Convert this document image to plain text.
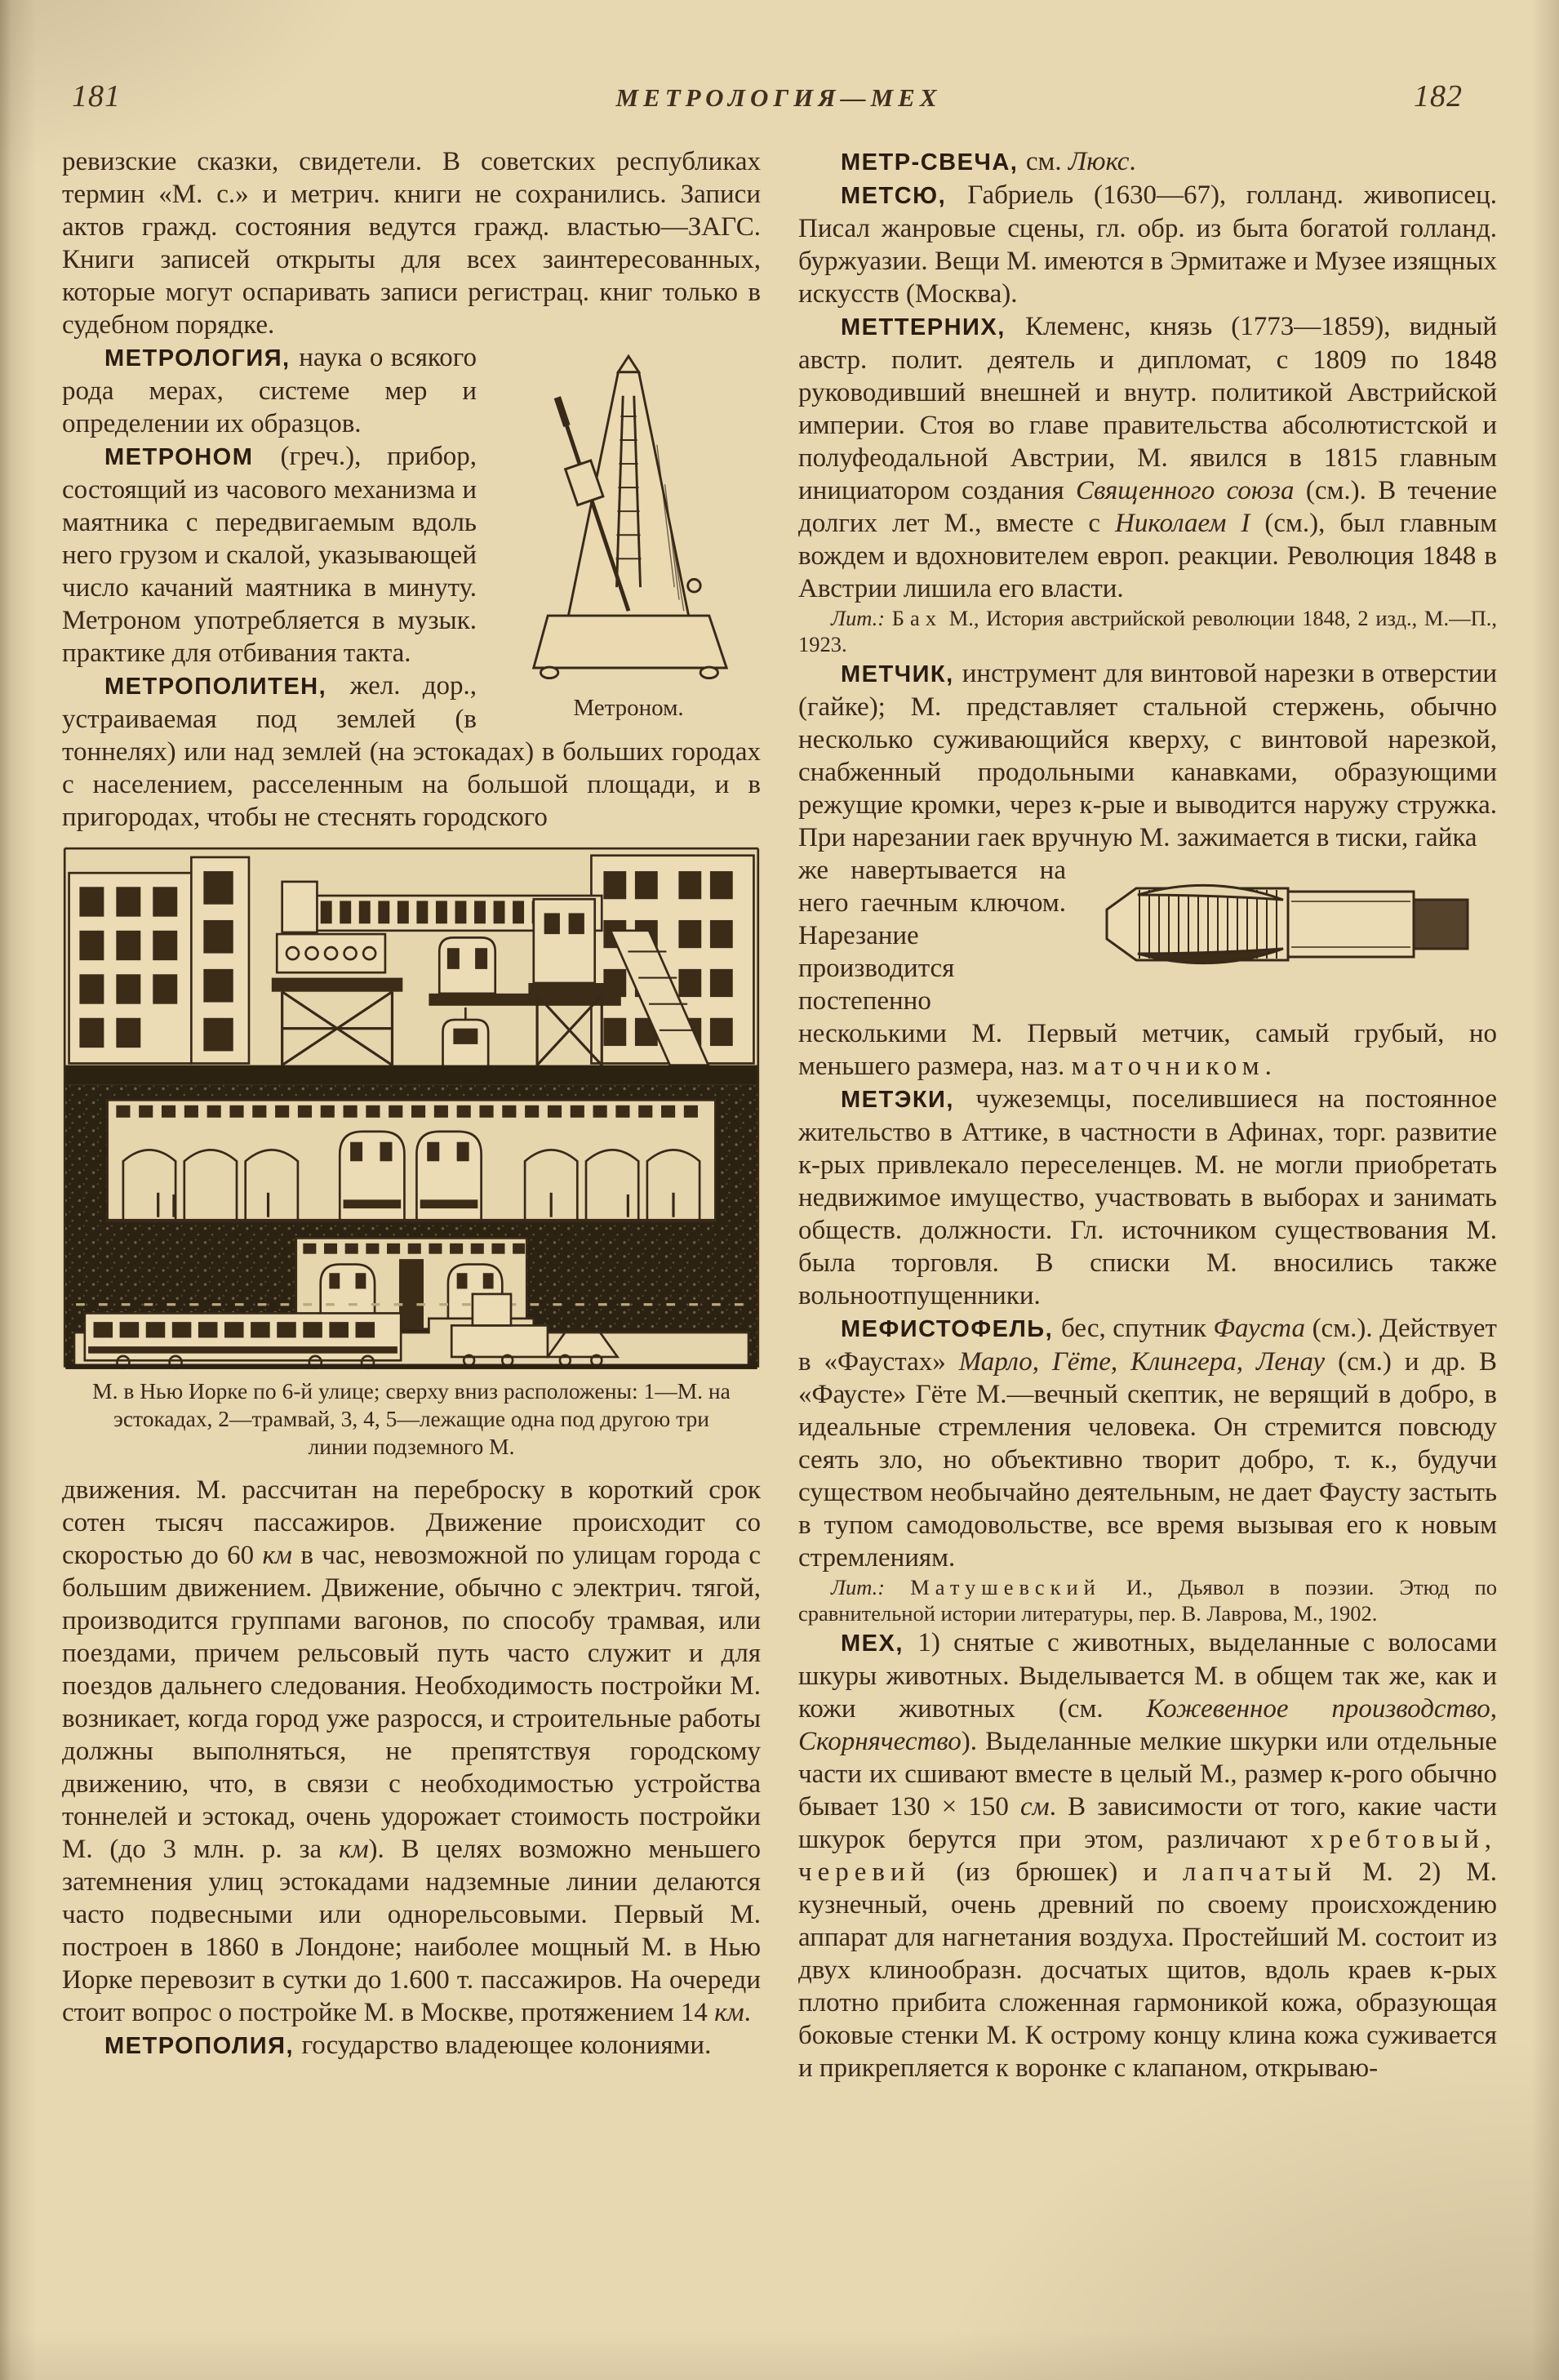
181	МЕТРОЛОГИЯ—МЕХ	182

ревизские сказки, свидетели. В советских республиках термин «М. с.» и метрич. книги не сохранились. Записи актов гражд. состояния ведутся гражд. властью—ЗАГС. Книги записей открыты для всех заинтересованных, которые могут оспаривать записи регистрац. книг только в судебном порядке.

Метроном.

МЕТРОЛОГИЯ, наука о всякого рода мерах, системе мер и определении их образцов.

МЕТРОНОМ (греч.), прибор, состоящий из часового механизма и маятника с передвигаемым вдоль него грузом и скалой, указывающей число качаний маятника в минуту. Метроном употребляется в музык. практике для отбивания такта.

МЕТРОПОЛИТЕН, жел. дор., устраиваемая под землей (в тоннелях) или над землей (на эстокадах) в больших городах с населением, расселенным на большой площади, и в пригородах, чтобы не стеснять городского

М. в Нью Иорке по 6-й улице; сверху вниз расположены: 1—М. на эстокадах, 2—трамвай, 3, 4, 5—лежащие одна под другою три линии подземного М.

движения. М. рассчитан на переброску в короткий срок сотен тысяч пассажиров. Движение происходит со скоростью до 60 км в час, невозможной по улицам города с большим движением. Движение, обычно с электрич. тягой, производится группами вагонов, по способу трамвая, или поездами, причем рельсовый путь часто служит и для поездов дальнего следования. Необходимость постройки М. возникает, когда город уже разросся, и строительные работы должны выполняться, не препятствуя городскому движению, что, в связи с необходимостью устройства тоннелей и эстокад, очень удорожает стоимость постройки М. (до 3 млн. р. за км). В целях возможно меньшего затемнения улиц эстокадами надземные линии делаются часто подвесными или однорельсовыми. Первый М. построен в 1860 в Лондоне; наиболее мощный М. в Нью Иорке перевозит в сутки до 1.600 т. пассажиров. На очереди стоит вопрос о постройке М. в Москве, протяжением 14 км.

МЕТРОПОЛИЯ, государство владеющее колониями.

МЕТР-СВЕЧА, см. Люкс.

МЕТСЮ, Габриель (1630—67), голланд. живописец. Писал жанровые сцены, гл. обр. из быта богатой голланд. буржуазии. Вещи М. имеются в Эрмитаже и Музее изящных искусств (Москва).

МЕТТЕРНИХ, Клеменс, князь (1773—1859), видный австр. полит. деятель и дипломат, с 1809 по 1848 руководивший внешней и внутр. политикой Австрийской империи. Стоя во главе правительства абсолютистской и полуфеодальной Австрии, М. явился в 1815 главным инициатором создания Священного союза (см.). В течение долгих лет М., вместе с Николаем I (см.), был главным вождем и вдохновителем европ. реакции. Революция 1848 в Австрии лишила его власти.

Лит.: Бах М., История австрийской революции 1848, 2 изд., М.—П., 1923.

МЕТЧИК, инструмент для винтовой нарезки в отверстии (гайке); М. представляет стальной стержень, обычно несколько суживающийся кверху, с винтовой нарезкой, снабженный продольными канавками, образующими режущие кромки, через к-рые и выводится наружу стружка. При нарезании гаек вручную М. зажимается в тиски, гайка

же навертывается на него гаечным ключом. Нарезание производится постепенно несколькими М. Первый метчик, самый грубый, но меньшего размера, наз. маточником.

МЕТЭКИ, чужеземцы, поселившиеся на постоянное жительство в Аттике, в частности в Афинах, торг. развитие к-рых привлекало переселенцев. М. не могли приобретать недвижимое имущество, участвовать в выборах и занимать обществ. должности. Гл. источником существования М. была торговля. В списки М. вносились также вольноотпущенники.

МЕФИСТОФЕЛЬ, бес, спутник Фауста (см.). Действует в «Фаустах» Марло, Гёте, Клингера, Ленау (см.) и др. В «Фаусте» Гёте М.—вечный скептик, не верящий в добро, в идеальные стремления человека. Он стремится повсюду сеять зло, но объективно творит добро, т. к., будучи существом необычайно деятельным, не дает Фаусту застыть в тупом самодовольстве, все время вызывая его к новым стремлениям.

Лит.: Матушевский И., Дьявол в поэзии. Этюд по сравнительной истории литературы, пер. В. Лаврова, М., 1902.

МЕХ, 1) снятые с животных, выделанные с волосами шкуры животных. Выделывается М. в общем так же, как и кожи животных (см. Кожевенное производство, Скорнячество). Выделанные мелкие шкурки или отдельные части их сшивают вместе в целый М., размер к-рого обычно бывает 130 × 150 см. В зависимости от того, какие части шкурок берутся при этом, различают хребтовый, черевий (из брюшек) и лапчатый М. 2) М. кузнечный, очень древний по своему происхождению аппарат для нагнетания воздуха. Простейший М. состоит из двух клинообразн. досчатых щитов, вдоль краев к-рых плотно прибита сложенная гармоникой кожа, образующая боковые стенки М. К острому концу клина кожа суживается и прикрепляется к воронке с клапаном, открываю-
